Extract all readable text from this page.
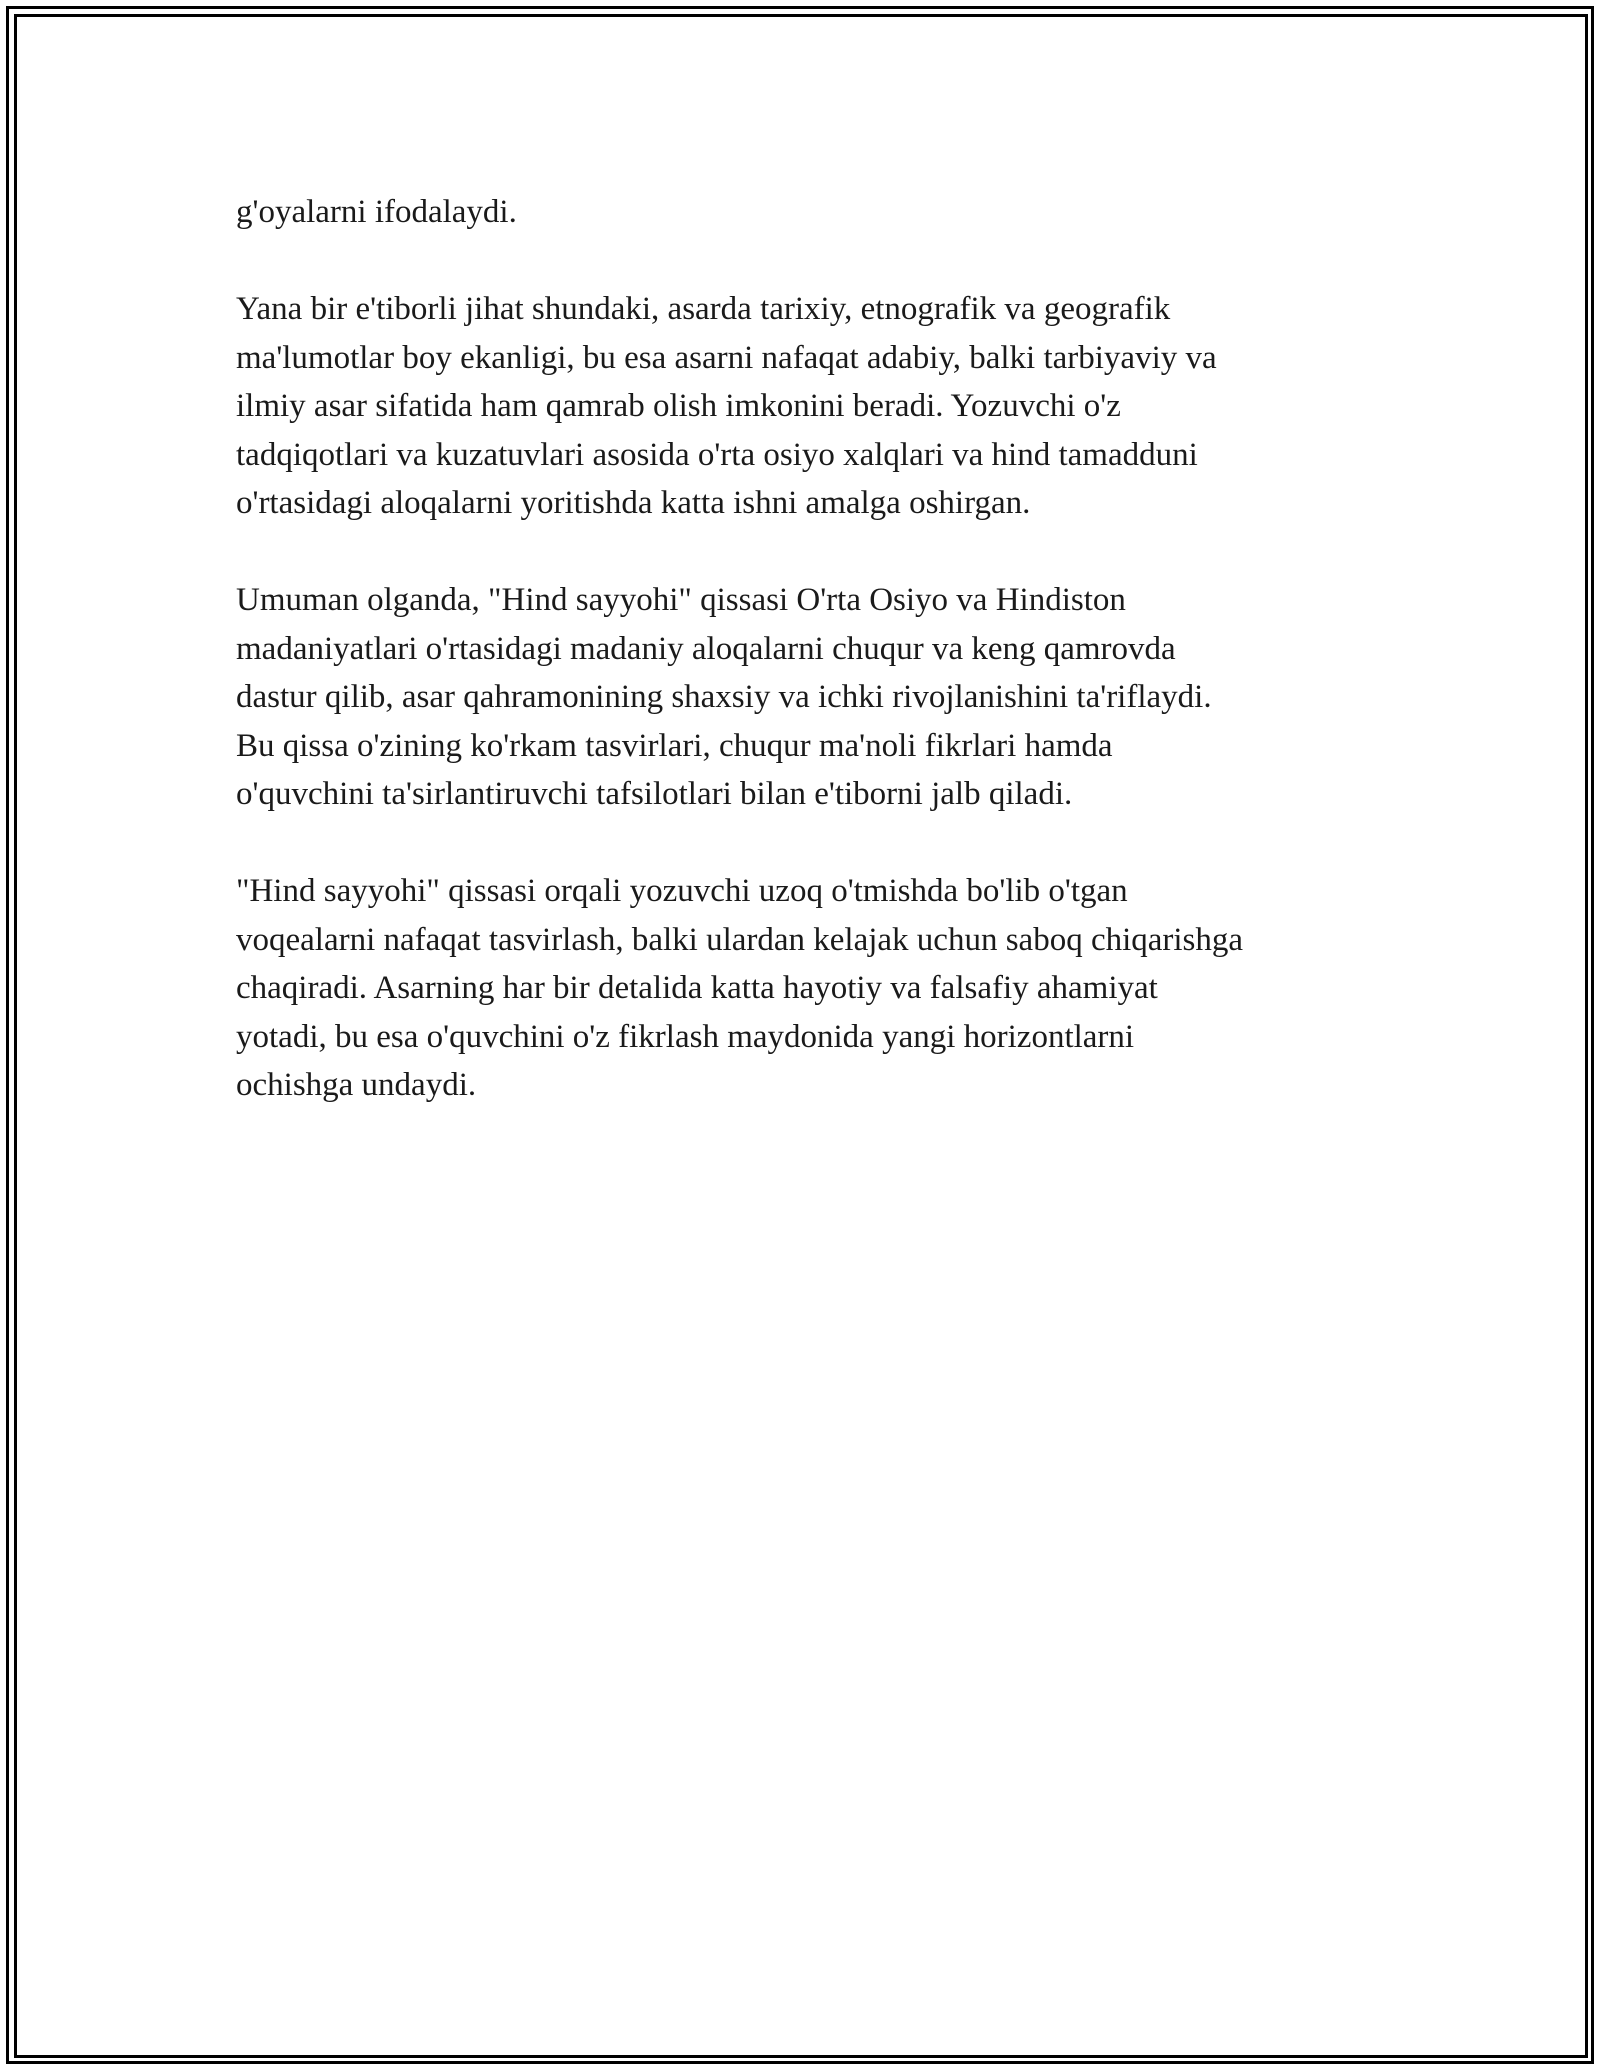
g'oyalarni ifodalaydi.

Yana bir e'tiborli jihat shundaki, asarda tarixiy, etnografik va geografik
ma'lumotlar boy ekanligi, bu esa asarni nafaqat adabiy, balki tarbiyaviy va
ilmiy asar sifatida ham qamrab olish imkonini beradi. Yozuvchi o'z
tadqiqotlari va kuzatuvlari asosida o'rta osiyo xalqlari va hind tamadduni
o'rtasidagi aloqalarni yoritishda katta ishni amalga oshirgan.

Umuman olganda, "Hind sayyohi" qissasi O'rta Osiyo va Hindiston
madaniyatlari o'rtasidagi madaniy aloqalarni chuqur va keng qamrovda
dastur qilib, asar qahramonining shaxsiy va ichki rivojlanishini ta'riflaydi.
Bu qissa o'zining ko'rkam tasvirlari, chuqur ma'noli fikrlari hamda
o'quvchini ta'sirlantiruvchi tafsilotlari bilan e'tiborni jalb qiladi.

"Hind sayyohi" qissasi orqali yozuvchi uzoq o'tmishda bo'lib o'tgan
voqealarni nafaqat tasvirlash, balki ulardan kelajak uchun saboq chiqarishga
chaqiradi. Asarning har bir detalida katta hayotiy va falsafiy ahamiyat
yotadi, bu esa o'quvchini o'z fikrlash maydonida yangi horizontlarni
ochishga undaydi.
